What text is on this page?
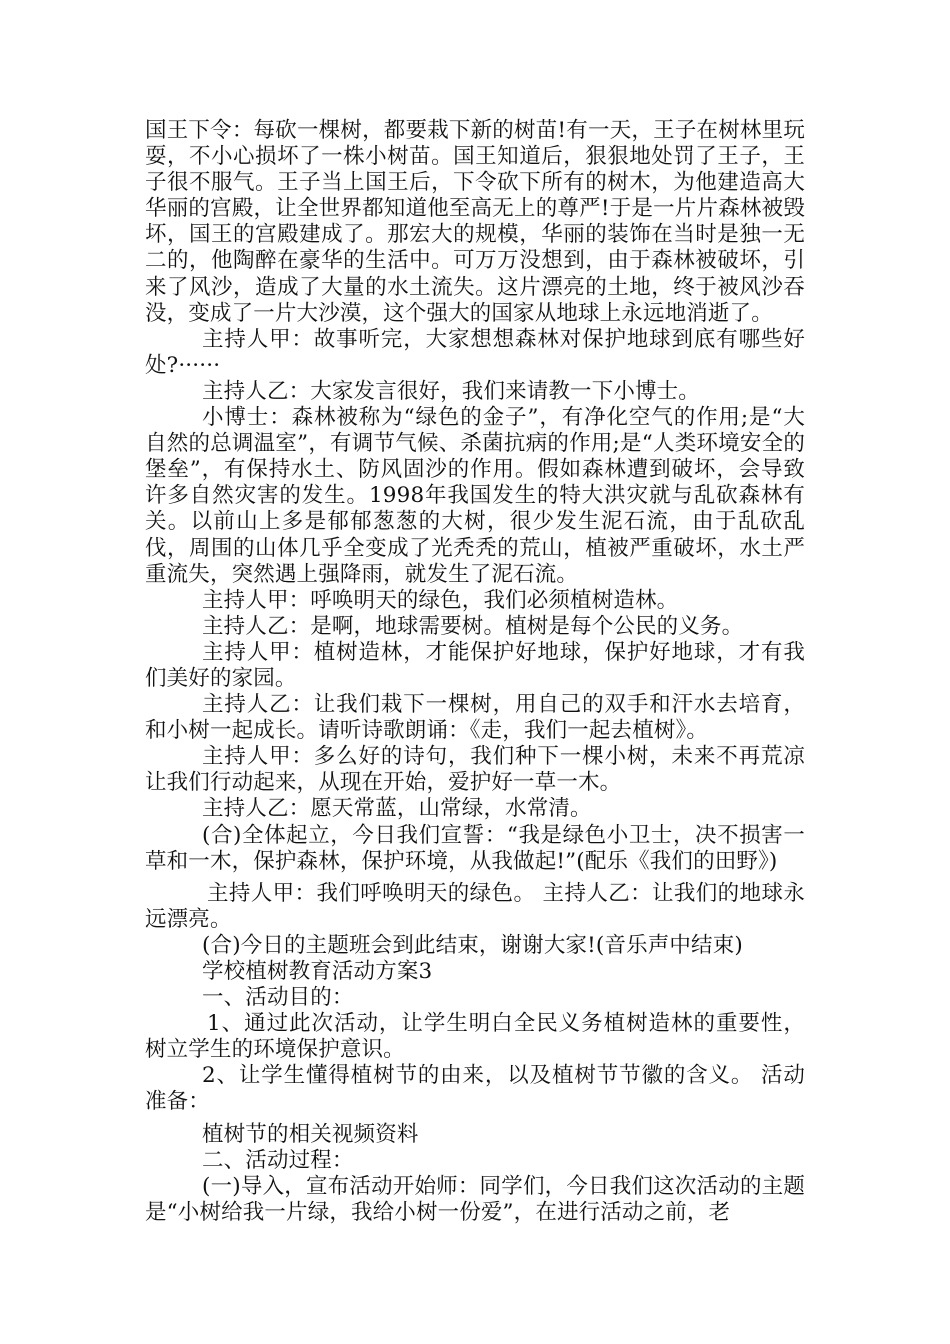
国王下令：每砍一棵树，都要栽下新的树苗!有一天，王子在树林里玩耍，不小心损坏了一株小树苗。国王知道后，狠狠地处罚了王子，王子很不服气。王子当上国王后，下令砍下所有的树木，为他建造高大华丽的宫殿，让全世界都知道他至高无上的尊严!于是一片片森林被毁坏，国王的宫殿建成了。那宏大的规模，华丽的装饰在当时是独一无二的，他陶醉在豪华的生活中。可万万没想到，由于森林被破坏，引来了风沙，造成了大量的水土流失。这片漂亮的土地，终于被风沙吞没，变成了一片大沙漠，这个强大的国家从地球上永远地消逝了。

主持人甲：故事听完，大家想想森林对保护地球到底有哪些好处?······

主持人乙：大家发言很好，我们来请教一下小博士。

小博士：森林被称为“绿色的金子”，有净化空气的作用;是“大自然的总调温室”，有调节气候、杀菌抗病的作用;是“人类环境安全的堡垒”，有保持水土、防风固沙的作用。假如森林遭到破坏，会导致许多自然灾害的发生。1998年我国发生的特大洪灾就与乱砍森林有关。以前山上多是郁郁葱葱的大树，很少发生泥石流，由于乱砍乱伐，周围的山体几乎全变成了光秃秃的荒山，植被严重破坏，水土严重流失，突然遇上强降雨，就发生了泥石流。

主持人甲：呼唤明天的绿色，我们必须植树造林。

主持人乙：是啊，地球需要树。植树是每个公民的义务。

主持人甲：植树造林，才能保护好地球，保护好地球，才有我们美好的家园。

主持人乙：让我们栽下一棵树，用自己的双手和汗水去培育，和小树一起成长。请听诗歌朗诵：《走，我们一起去植树》。

主持人甲：多么好的诗句，我们种下一棵小树，未来不再荒凉让我们行动起来，从现在开始，爱护好一草一木。

主持人乙：愿天常蓝，山常绿，水常清。

(合)全体起立，今日我们宣誓：“我是绿色小卫士，决不损害一草和一木，保护森林，保护环境，从我做起!”(配乐《我们的田野》)

主持人甲：我们呼唤明天的绿色。 主持人乙：让我们的地球永远漂亮。

(合)今日的主题班会到此结束，谢谢大家!(音乐声中结束)

学校植树教育活动方案3

一、活动目的：

1、通过此次活动，让学生明白全民义务植树造林的重要性，树立学生的环境保护意识。

2、让学生懂得植树节的由来，以及植树节节徽的含义。 活动准备：

植树节的相关视频资料

二、活动过程：

(一)导入，宣布活动开始师：同学们，今日我们这次活动的主题是“小树给我一片绿，我给小树一份爱”，在进行活动之前，老
